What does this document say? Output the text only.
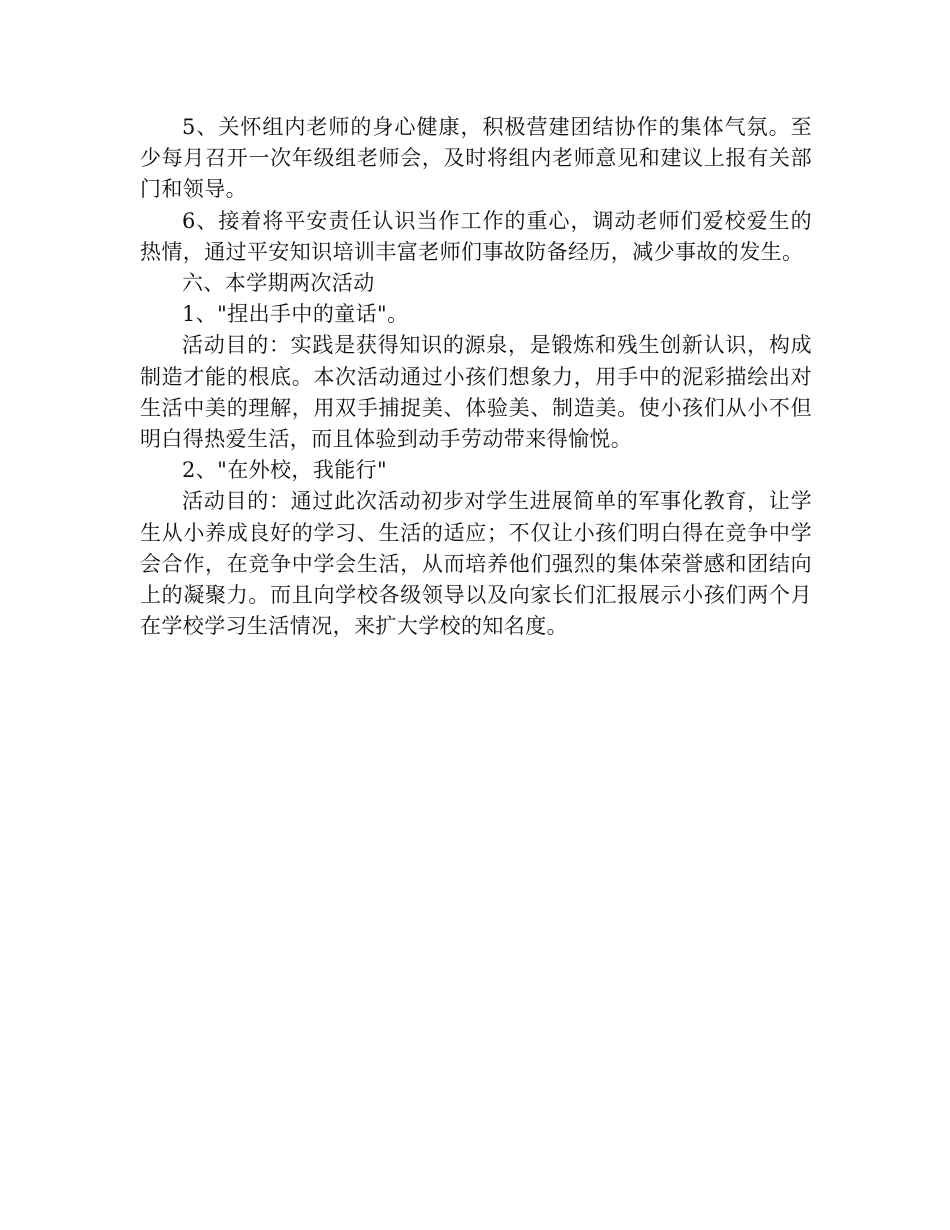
5、关怀组内老师的身心健康，积极营建团结协作的集体气氛。至少每月召开一次年级组老师会，及时将组内老师意见和建议上报有关部门和领导。

6、接着将平安责任认识当作工作的重心，调动老师们爱校爱生的热情，通过平安知识培训丰富老师们事故防备经历，减少事故的发生。

六、本学期两次活动

1、"捏出手中的童话"。

活动目的：实践是获得知识的源泉，是锻炼和残生创新认识，构成制造才能的根底。本次活动通过小孩们想象力，用手中的泥彩描绘出对生活中美的理解，用双手捕捉美、体验美、制造美。使小孩们从小不但明白得热爱生活，而且体验到动手劳动带来得愉悦。

2、"在外校，我能行"

活动目的：通过此次活动初步对学生进展简单的军事化教育，让学生从小养成良好的学习、生活的适应；不仅让小孩们明白得在竞争中学会合作，在竞争中学会生活，从而培养他们强烈的集体荣誉感和团结向上的凝聚力。而且向学校各级领导以及向家长们汇报展示小孩们两个月在学校学习生活情况，来扩大学校的知名度。
